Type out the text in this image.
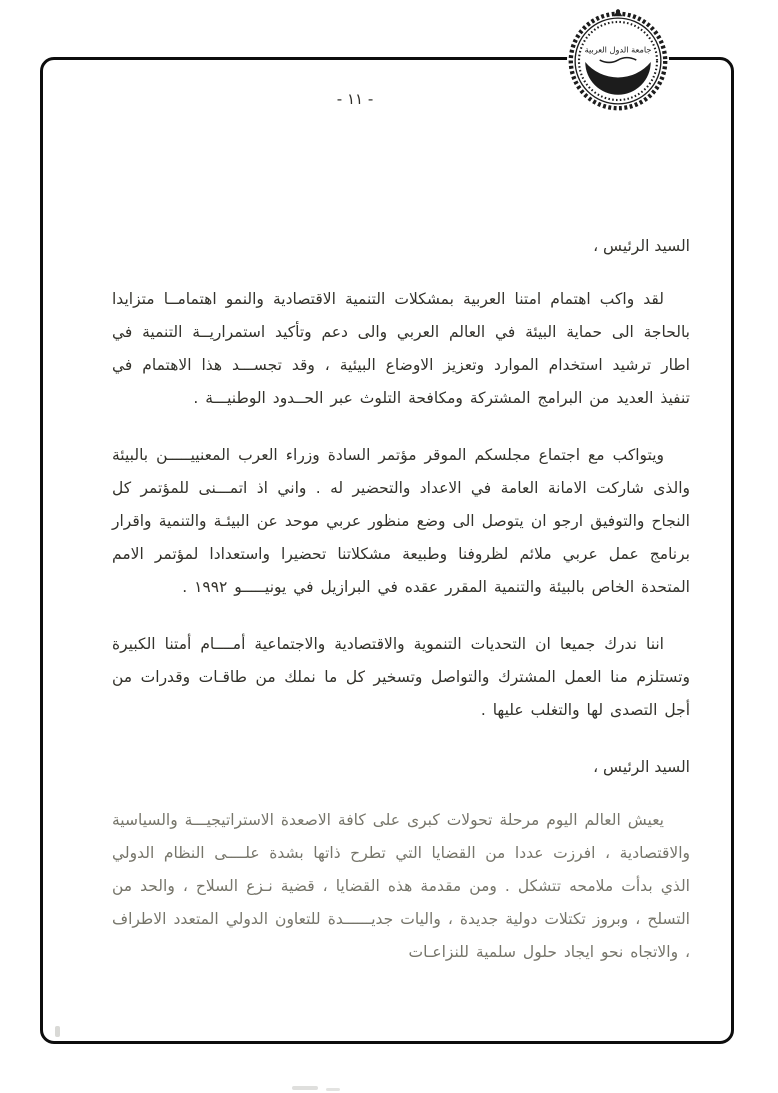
- ١١ -
جامعة الدول العربية

السيد الرئيس ،

لقد واكب اهتمام امتنا العربية بمشكلات التنمية الاقتصادية والنمو اهتمامــا متزايدا بالحاجة الى حماية البيئة في العالم العربي والى دعم وتأكيد استمراريــة التنمية في اطار ترشيد استخدام الموارد وتعزيز الاوضاع البيئية ، وقد تجســـد هذا الاهتمام في تنفيذ العديد من البرامج المشتركة ومكافحة التلوث عبر الحــدود الوطنيـــة .

ويتواكب مع اجتماع مجلسكم الموقر مؤتمر السادة وزراء العرب المعنييـــــن بالبيئة والذى شاركت الامانة العامة في الاعداد والتحضير له . واني اذ اتمـــنى للمؤتمر كل النجاح والتوفيق ارجو ان يتوصل الى وضع منظور عربي موحد عن البيئـة والتنمية واقرار برنامج عمل عربي ملائم لظروفنا وطبيعة مشكلاتنا تحضيرا واستعدادا لمؤتمر الامم المتحدة الخاص بالبيئة والتنمية المقرر عقده في البرازيل في يونيـــــو ١٩٩٢ .

اننا ندرك جميعا ان التحديات التنموية والاقتصادية والاجتماعية أمــــام أمتنا الكبيرة وتستلزم منا العمل المشترك والتواصل وتسخير كل ما نملك من طاقـات وقدرات من أجل التصدى لها والتغلب عليها .

السيد الرئيس ،

يعيش العالم اليوم مرحلة تحولات كبرى على كافة الاصعدة الاستراتيجيـــة والسياسية والاقتصادية ، افرزت عددا من القضايا التي تطرح ذاتها بشدة علــــى النظام الدولي الذي بدأت ملامحه تتشكل . ومن مقدمة هذه القضايا ، قضية نـزع السلاح ، والحد من التسلح ، وبروز تكتلات دولية جديدة ، واليات جديــــــدة للتعاون الدولي المتعدد الاطراف ، والاتجاه نحو ايجاد حلول سلمية للنزاعـات
